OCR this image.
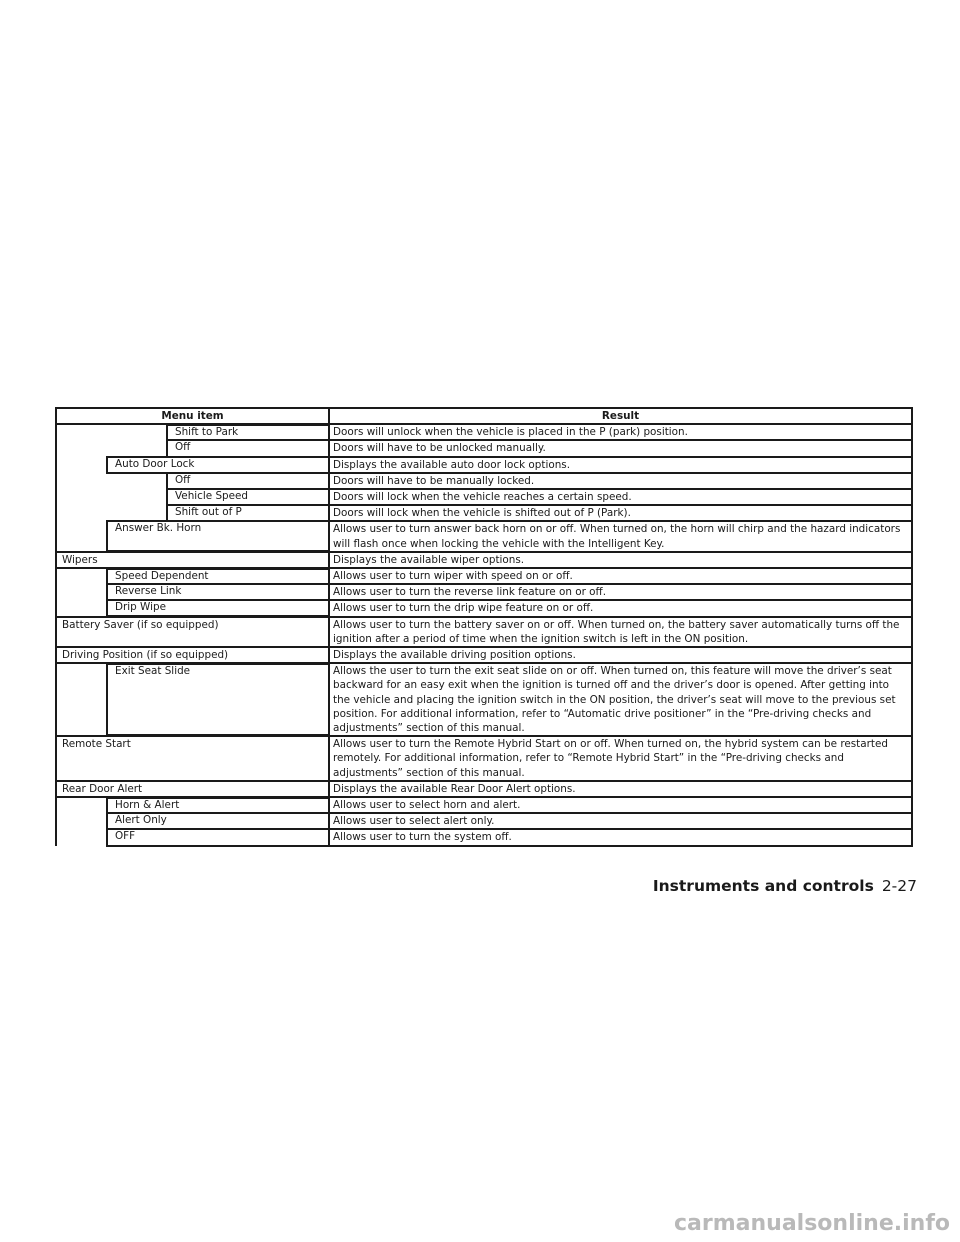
Menu item	Result

Shift to Park	Doors will unlock when the vehicle is placed in the P (park) position.

Off	Doors will have to be unlocked manually.

Auto Door Lock	Displays the available auto door lock options.

Off	Doors will have to be manually locked.

Vehicle Speed	Doors will lock when the vehicle reaches a certain speed.

Shift out of P	Doors will lock when the vehicle is shifted out of P (Park).

Answer Bk. Horn	Allows user to turn answer back horn on or off. When turned on, the horn will chirp and the hazard indicators will flash once when locking the vehicle with the Intelligent Key.
Wipers	Displays the available wiper options.

Speed Dependent	Allows user to turn wiper with speed on or off.

Reverse Link	Allows user to turn the reverse link feature on or off.

Drip Wipe	Allows user to turn the drip wipe feature on or off.
Battery Saver (if so equipped)	Allows user to turn the battery saver on or off. When turned on, the battery saver automatically turns off the ignition after a period of time when the ignition switch is left in the ON position.
Driving Position (if so equipped)	Displays the available driving position options.

Exit Seat Slide	Allows the user to turn the exit seat slide on or off. When turned on, this feature will move the driver’s seat backward for an easy exit when the ignition is turned off and the driver’s door is opened. After getting into the vehicle and placing the ignition switch in the ON position, the driver’s seat will move to the previous set position. For additional information, refer to “Automatic drive positioner” in the “Pre-driving checks and adjustments” section of this manual.
Remote Start	Allows user to turn the Remote Hybrid Start on or off. When turned on, the hybrid system can be restarted remotely. For additional information, refer to “Remote Hybrid Start” in the “Pre-driving checks and adjustments” section of this manual.
Rear Door Alert	Displays the available Rear Door Alert options.

Horn & Alert	Allows user to select horn and alert.

Alert Only	Allows user to select alert only.

OFF	Allows user to turn the system off.
Instruments and controls 2-27
carmanualsonline.info
